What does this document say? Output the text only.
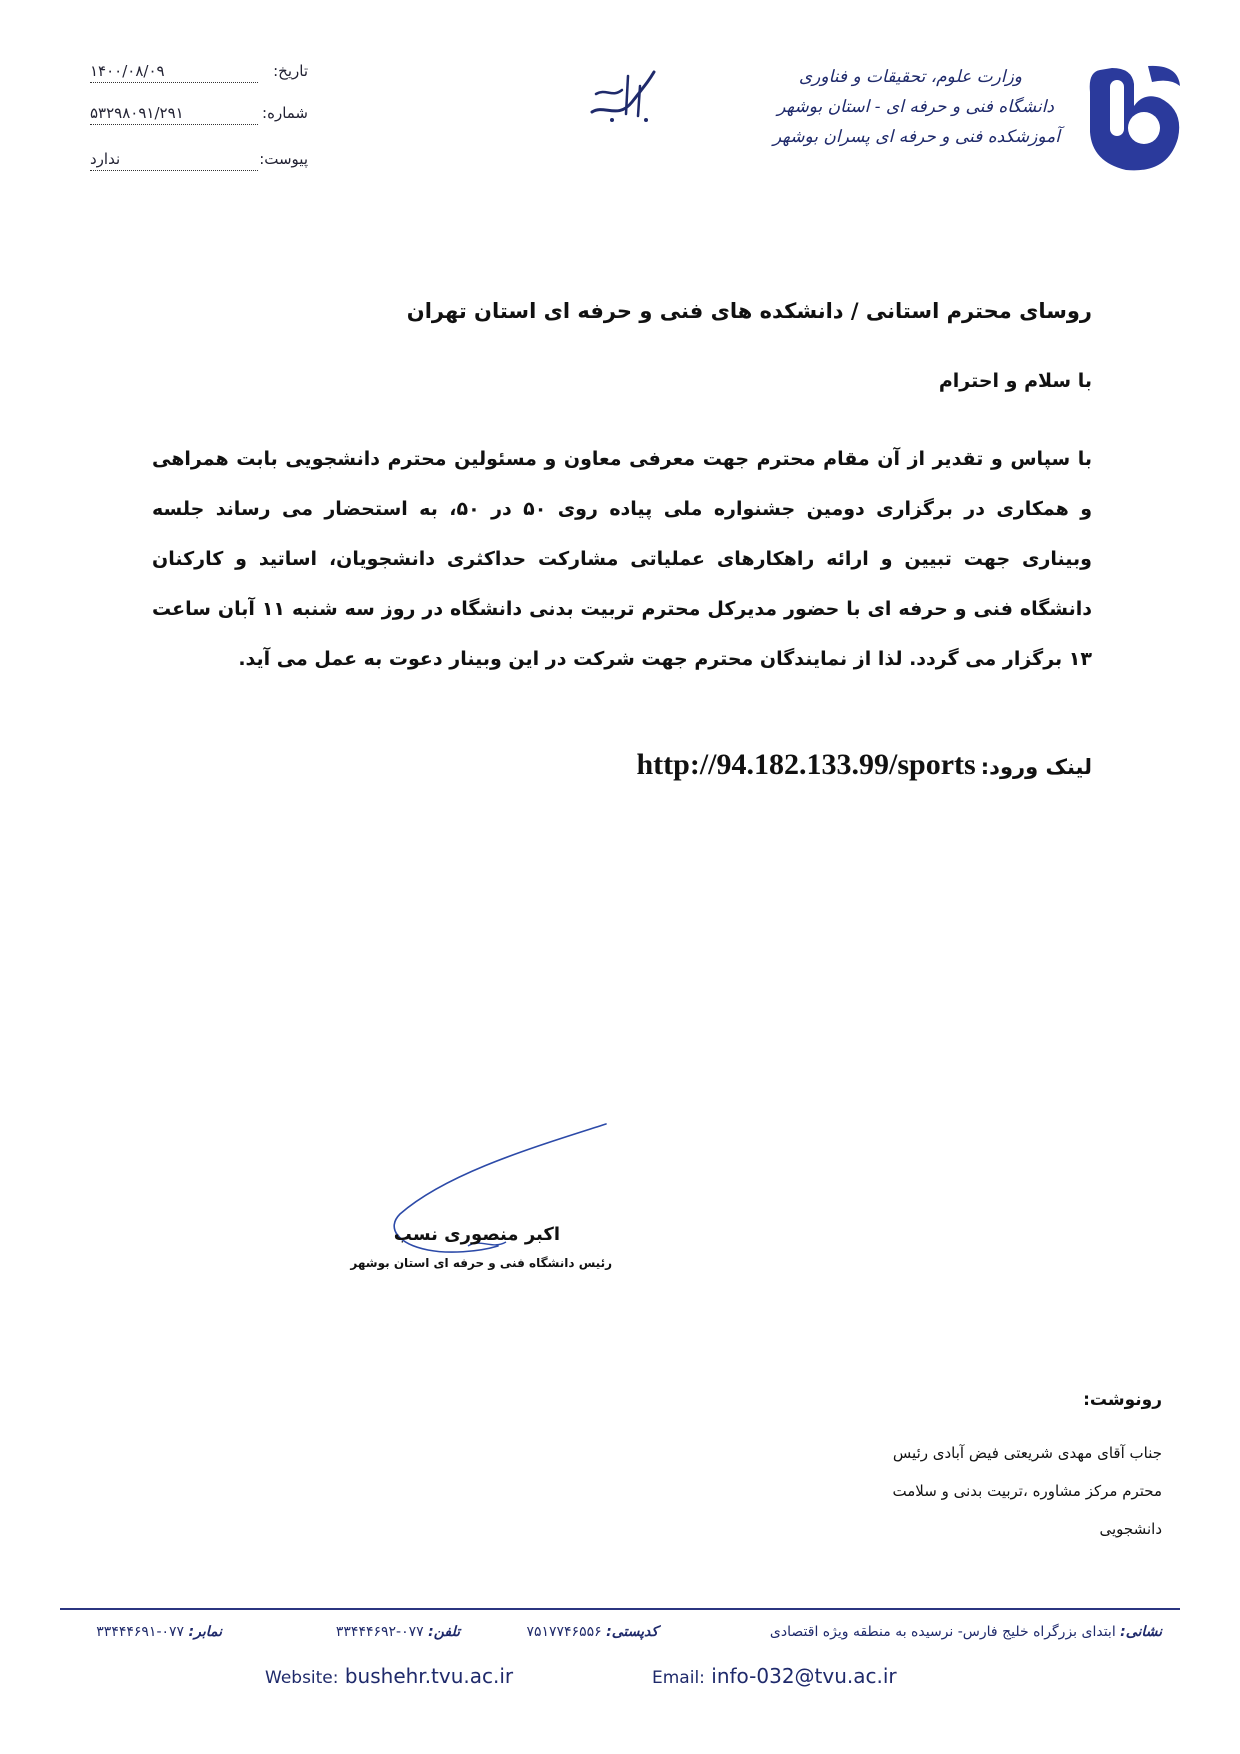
تاریخ:
۱۴۰۰/۰۸/۰۹
شماره:
۵۳۲۹۸۰۹۱/۲۹۱
پیوست:
ندارد
وزارت علوم، تحقیقات و فناوری
دانشگاه فنی و حرفه ای - استان بوشهر
آموزشکده فنی و حرفه ای پسران بوشهر
روسای محترم استانی / دانشکده های فنی و حرفه ای استان تهران
با سلام و احترام
با سپاس و تقدیر از آن مقام محترم جهت معرفی معاون و مسئولین محترم دانشجویی بابت همراهی و همکاری در برگزاری دومین جشنواره ملی پیاده روی ۵۰ در ۵۰، به استحضار می رساند جلسه وبیناری جهت تبیین و ارائه راهکارهای عملیاتی مشارکت حداکثری دانشجویان، اساتید و کارکنان دانشگاه فنی و حرفه ای با حضور مدیرکل محترم تربیت بدنی دانشگاه در روز سه شنبه ۱۱ آبان ساعت ۱۳ برگزار می گردد. لذا از نمایندگان محترم جهت شرکت در این وبینار دعوت به عمل می آید.
لینک ورود: http://94.182.133.99/sports
اکبر منصوری نسب
رئیس دانشگاه فنی و حرفه ای استان بوشهر
رونوشت:
جناب آقای مهدی شریعتی فیض آبادی رئیس
محترم مرکز مشاوره ،تربیت بدنی و سلامت
دانشجویی
نشانی: ابتدای بزرگراه خلیج فارس- نرسیده به منطقه ویژه اقتصادی
کدپستی: ۷۵۱۷۷۴۶۵۵۶
تلفن: ۰۷۷-۳۳۴۴۴۶۹۲
نمابر: ۰۷۷-۳۳۴۴۴۶۹۱
Website: bushehr.tvu.ac.ir	Email: info-032@tvu.ac.ir
